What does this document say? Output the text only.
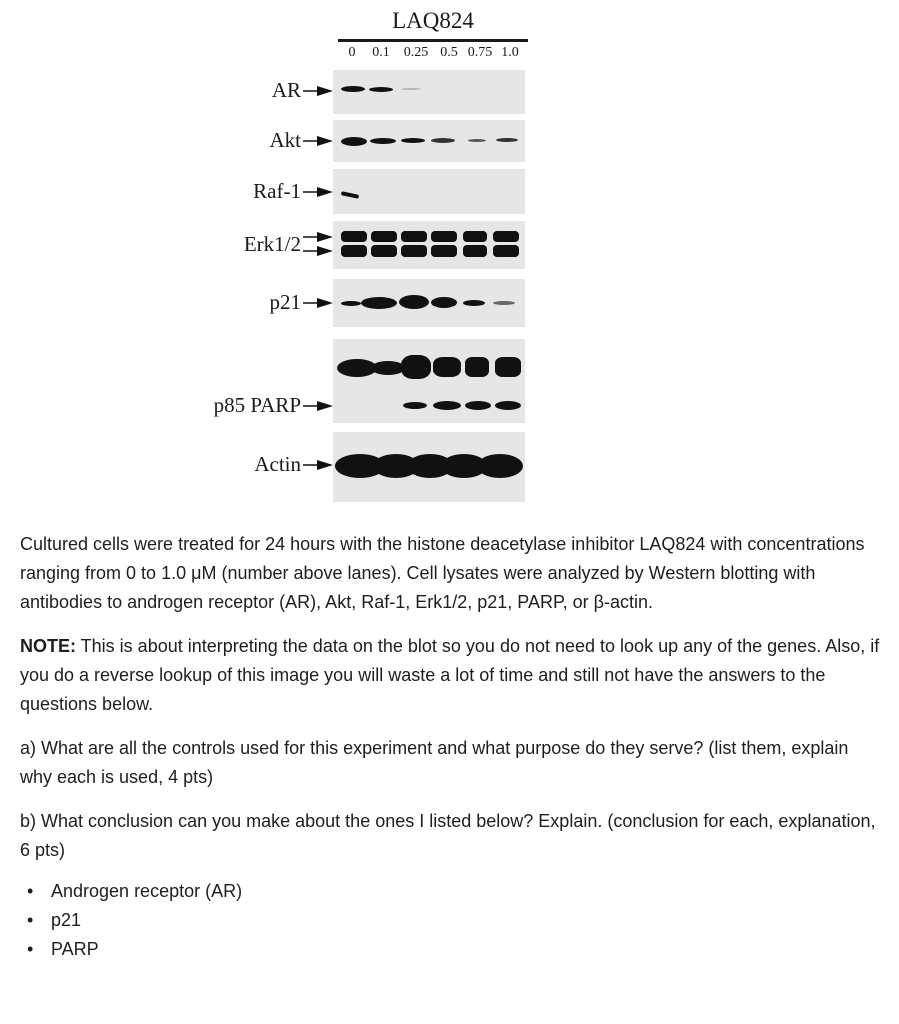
LAQ824
0 0.1 0.25 0.5 0.75 1.0
AR
Akt
Raf-1
Erk1/2
p21
p85 PARP
Actin

Cultured cells were treated for 24 hours with the histone deacetylase inhibitor LAQ824 with concentrations ranging from 0 to 1.0 μM (number above lanes). Cell lysates were analyzed by Western blotting with antibodies to androgen receptor (AR), Akt, Raf-1, Erk1/2, p21, PARP, or β-actin.

NOTE: This is about interpreting the data on the blot so you do not need to look up any of the genes. Also, if you do a reverse lookup of this image you will waste a lot of time and still not have the answers to the questions below.

a) What are all the controls used for this experiment and what purpose do they serve? (list them, explain why each is used, 4 pts)

b) What conclusion can you make about the ones I listed below? Explain. (conclusion for each, explanation, 6 pts)

• Androgen receptor (AR)
• p21
• PARP
